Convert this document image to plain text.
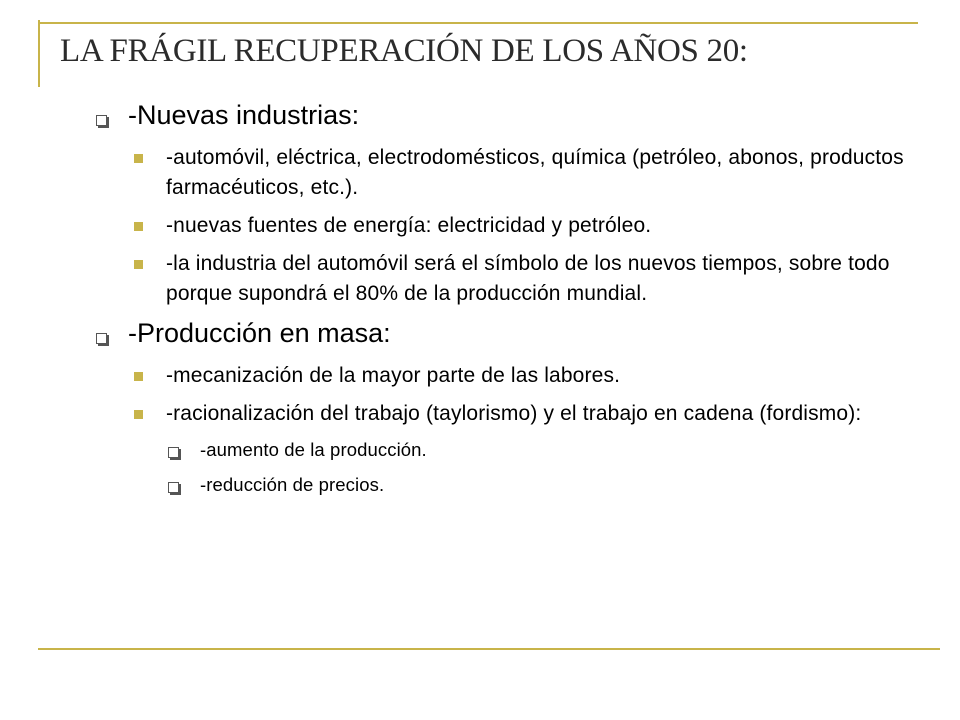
LA FRÁGIL RECUPERACIÓN DE LOS AÑOS 20:
-Nuevas industrias:
-automóvil, eléctrica, electrodomésticos, química (petróleo, abonos, productos farmacéuticos, etc.).
-nuevas fuentes de energía: electricidad y petróleo.
-la industria del automóvil será el símbolo de los nuevos tiempos, sobre todo porque supondrá el 80% de la producción mundial.
-Producción en masa:
-mecanización de la mayor parte de las labores.
-racionalización del trabajo (taylorismo) y el trabajo en cadena (fordismo):
-aumento de la producción.
-reducción de precios.
